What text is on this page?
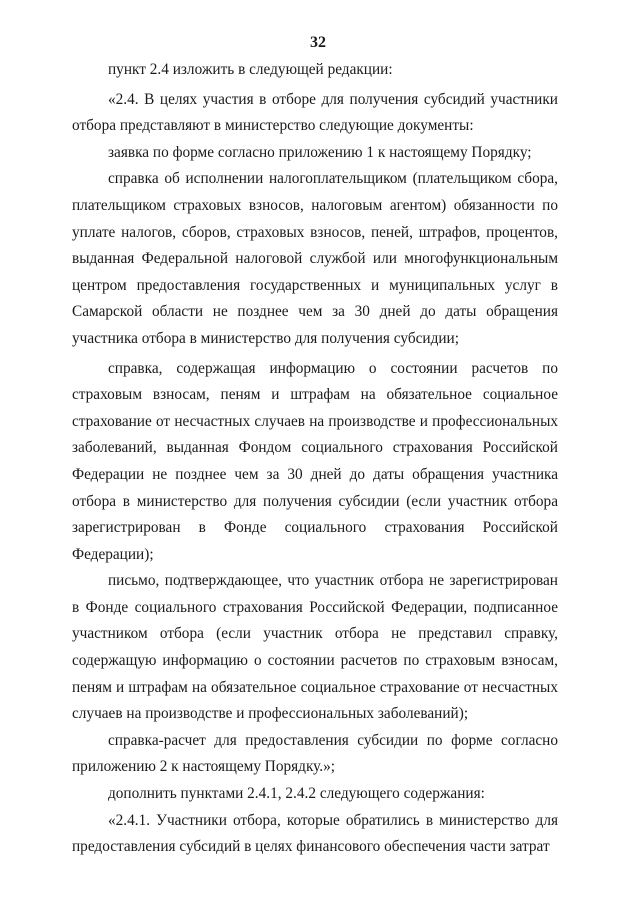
32

пункт 2.4 изложить в следующей редакции:

«2.4. В целях участия в отборе для получения субсидий участники отбора представляют в министерство следующие документы:

заявка по форме согласно приложению 1 к настоящему Порядку;

справка об исполнении налогоплательщиком (плательщиком сбора, плательщиком страховых взносов, налоговым агентом) обязанности по уплате налогов, сборов, страховых взносов, пеней, штрафов, процентов, выданная Федеральной налоговой службой или многофункциональным центром предоставления государственных и муниципальных услуг в Самарской области не позднее чем за 30 дней до даты обращения участника отбора в министерство для получения субсидии;

справка, содержащая информацию о состоянии расчетов по страховым взносам, пеням и штрафам на обязательное социальное страхование от несчастных случаев на производстве и профессиональных заболеваний, выданная Фондом социального страхования Российской Федерации не позднее чем за 30 дней до даты обращения участника отбора в министерство для получения субсидии (если участник отбора зарегистрирован в Фонде социального страхования Российской Федерации);

письмо, подтверждающее, что участник отбора не зарегистрирован в Фонде социального страхования Российской Федерации, подписанное участником отбора (если участник отбора не представил справку, содержащую информацию о состоянии расчетов по страховым взносам, пеням и штрафам на обязательное социальное страхование от несчастных случаев на производстве и профессиональных заболеваний);

справка-расчет для предоставления субсидии по форме согласно приложению 2 к настоящему Порядку.»;

дополнить пунктами 2.4.1, 2.4.2 следующего содержания:

«2.4.1. Участники отбора, которые обратились в министерство для предоставления субсидий в целях финансового обеспечения части затрат
